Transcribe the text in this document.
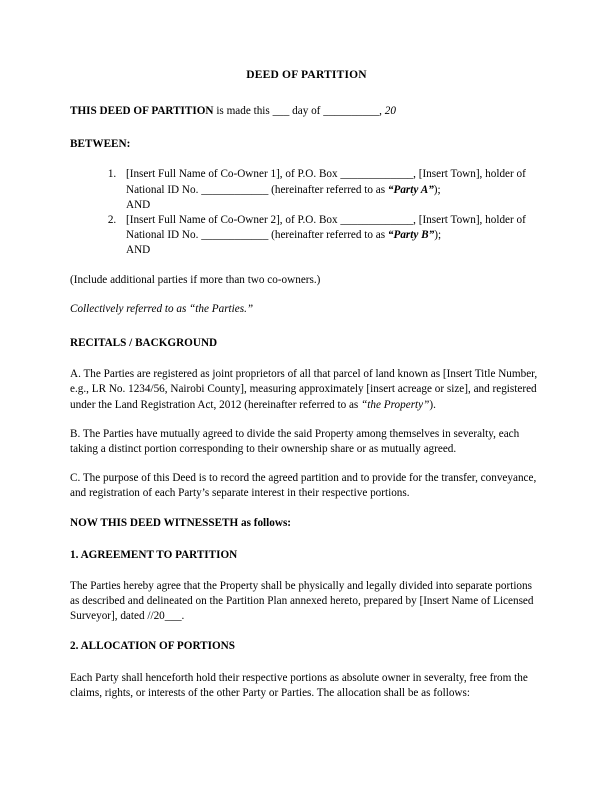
DEED OF PARTITION

THIS DEED OF PARTITION is made this ___ day of __________, 20

BETWEEN:

1. [Insert Full Name of Co-Owner 1], of P.O. Box _____________, [Insert Town], holder of National ID No. ____________ (hereinafter referred to as “Party A”);
AND
2. [Insert Full Name of Co-Owner 2], of P.O. Box _____________, [Insert Town], holder of National ID No. ____________ (hereinafter referred to as “Party B”);
AND

(Include additional parties if more than two co-owners.)

Collectively referred to as “the Parties.”

RECITALS / BACKGROUND

A. The Parties are registered as joint proprietors of all that parcel of land known as [Insert Title Number, e.g., LR No. 1234/56, Nairobi County], measuring approximately [insert acreage or size], and registered under the Land Registration Act, 2012 (hereinafter referred to as “the Property”).

B. The Parties have mutually agreed to divide the said Property among themselves in severalty, each taking a distinct portion corresponding to their ownership share or as mutually agreed.

C. The purpose of this Deed is to record the agreed partition and to provide for the transfer, conveyance, and registration of each Party’s separate interest in their respective portions.

NOW THIS DEED WITNESSETH as follows:

1. AGREEMENT TO PARTITION

The Parties hereby agree that the Property shall be physically and legally divided into separate portions as described and delineated on the Partition Plan annexed hereto, prepared by [Insert Name of Licensed Surveyor], dated //20___.

2. ALLOCATION OF PORTIONS

Each Party shall henceforth hold their respective portions as absolute owner in severalty, free from the claims, rights, or interests of the other Party or Parties. The allocation shall be as follows:
